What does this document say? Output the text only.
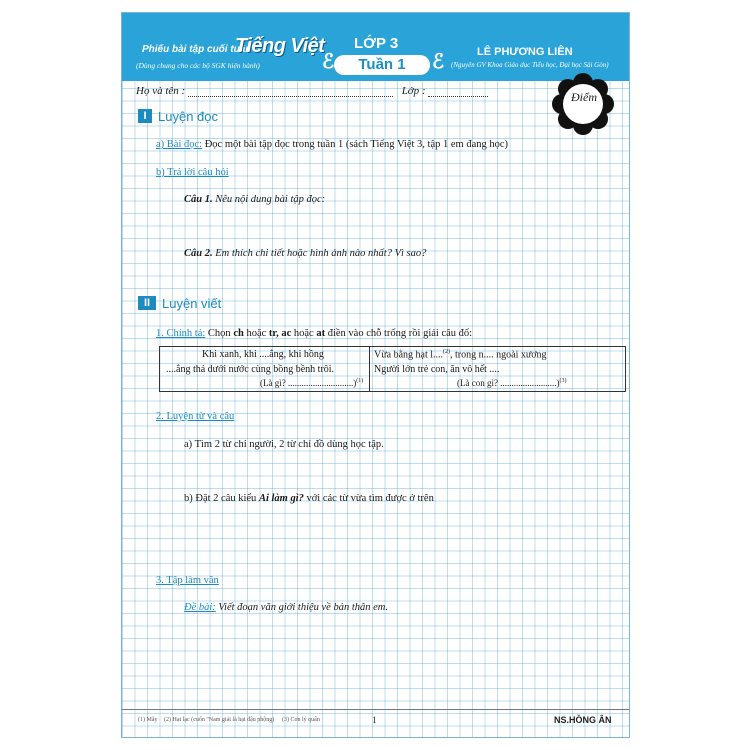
Phiếu bài tập cuối tuần
Tiếng Việt
(Dùng chung cho các bộ SGK hiện hành)
LỚP 3
ℰ	Tuần 1	ℰ	LÊ PHƯƠNG LIÊN
(Nguyên GV Khoa Giáo dục Tiểu học, Đại học Sài Gòn)
Họ và tên :	Lớp :	Điểm
I Luyện đọc
a) Bài đọc: Đọc một bài tập đọc trong tuần 1 (sách Tiếng Việt 3, tập 1 em đang học)
b) Trả lời câu hỏi
Câu 1. Nêu nội dung bài tập đọc:
Câu 2. Em thích chi tiết hoặc hình ảnh nào nhất? Vì sao?
II Luyện viết
1. Chính tả: Chọn ch hoặc tr, ac hoặc at điền vào chỗ trống rồi giải câu đố:
Khi xanh, khi ....ắng, khi hồng
....ắng thả dưới nước cùng bồng bềnh trôi.
(Là gì? .............................)$^{(1)}$
Vừa bằng hạt l....$^{(2)}$, trong n.... ngoài xương
Người lớn trẻ con, ăn vô hết ....
(Là con gì? .........................)$^{(3)}$
2. Luyện từ và câu
a) Tìm 2 từ chỉ người, 2 từ chỉ đồ dùng học tập.
b) Đặt 2 câu kiểu Ai làm gì? với các từ vừa tìm được ở trên
3. Tập làm văn
Đề bài: Viết đoạn văn giới thiệu về bản thân em.
(1) Mây (2) Hạt lạc (cuốn "Nam giải là hạt đậu phộng) (3) Con lý quấn	1	NS.HỒNG ÂN
